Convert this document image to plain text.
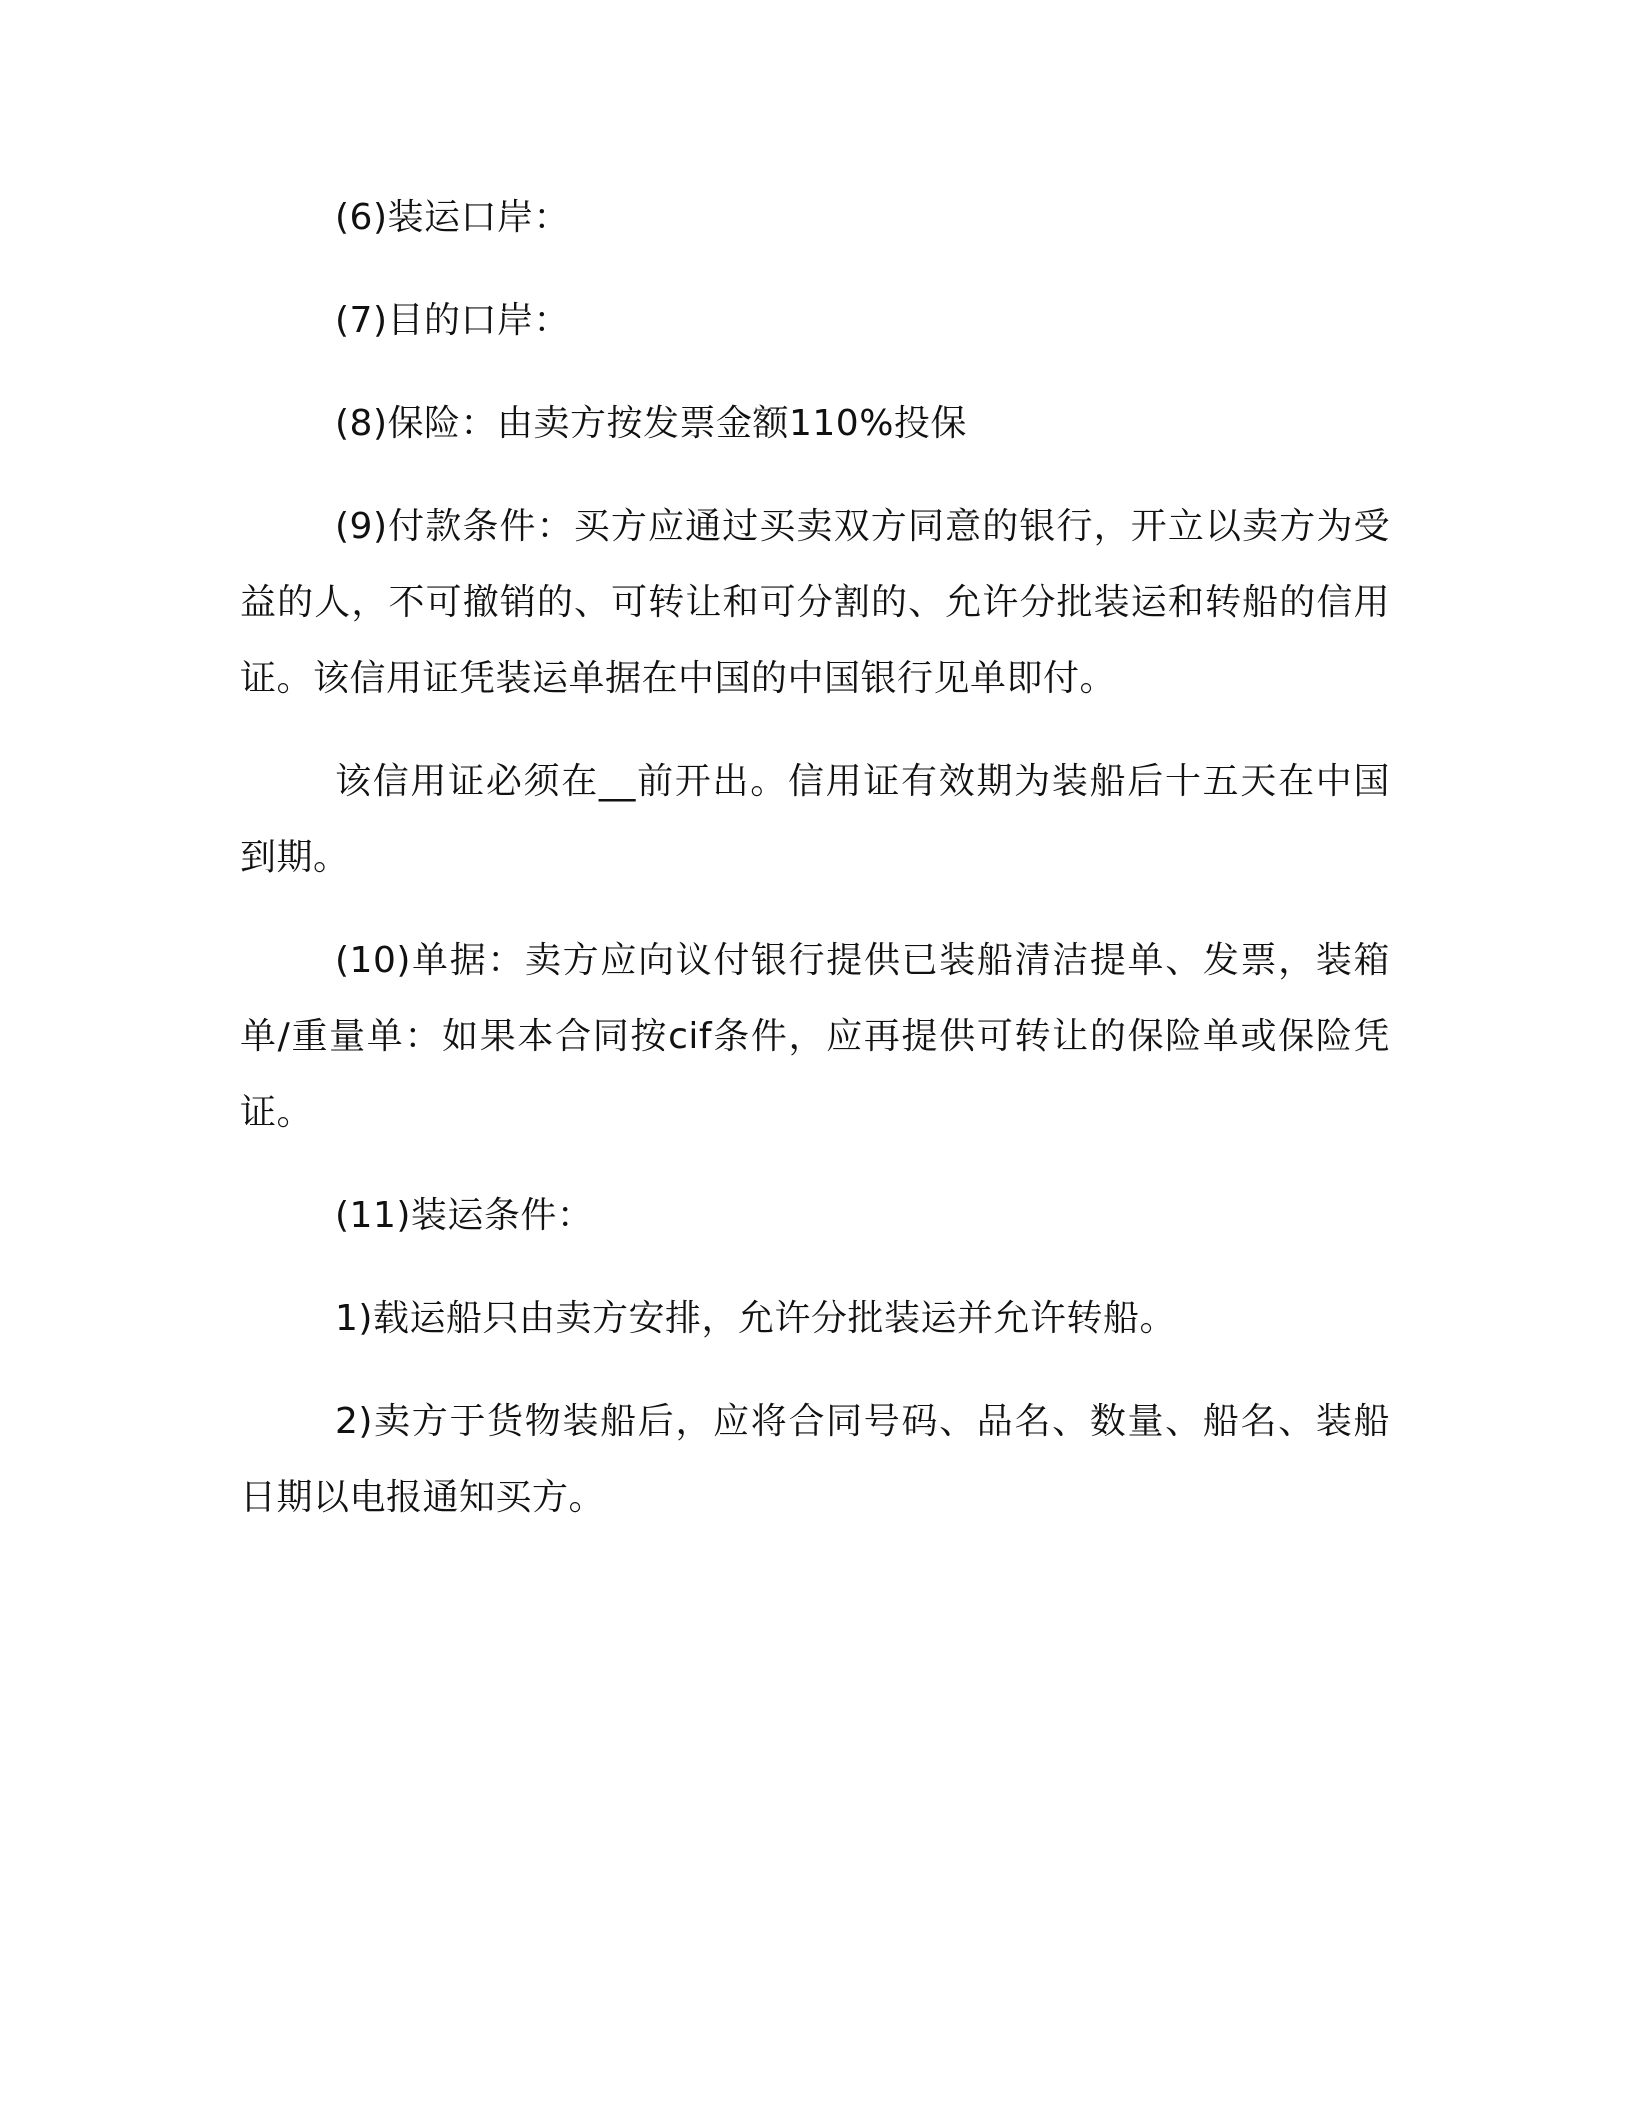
(6)装运口岸：

(7)目的口岸：

(8)保险：由卖方按发票金额110%投保

(9)付款条件：买方应通过买卖双方同意的银行，开立以卖方为受益的人，不可撤销的、可转让和可分割的、允许分批装运和转船的信用证。该信用证凭装运单据在中国的中国银行见单即付。

该信用证必须在__前开出。信用证有效期为装船后十五天在中国到期。

(10)单据：卖方应向议付银行提供已装船清洁提单、发票，装箱单/重量单：如果本合同按cif条件，应再提供可转让的保险单或保险凭证。

(11)装运条件：

1)载运船只由卖方安排，允许分批装运并允许转船。

2)卖方于货物装船后，应将合同号码、品名、数量、船名、装船日期以电报通知买方。
